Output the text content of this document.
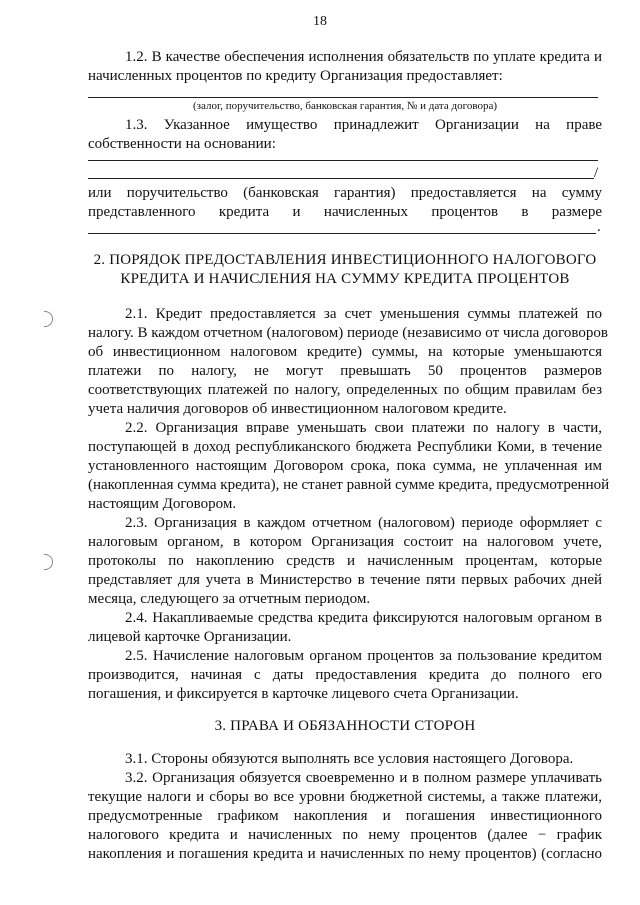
18
1.2. В качестве обеспечения исполнения обязательств по уплате кредита и
начисленных процентов по кредиту Организация предоставляет:
(залог, поручительство, банковская гарантия, № и дата договора)
1.3. Указанное имущество принадлежит Организации на праве
собственности на основании:
/
или поручительство (банковская гарантия) предоставляется на сумму
представленного кредита и начисленных процентов в размере
.
2. ПОРЯДОК ПРЕДОСТАВЛЕНИЯ ИНВЕСТИЦИОННОГО НАЛОГОВОГО
КРЕДИТА И НАЧИСЛЕНИЯ НА СУММУ КРЕДИТА ПРОЦЕНТОВ
2.1. Кредит предоставляется за счет уменьшения суммы платежей по
налогу. В каждом отчетном (налоговом) периоде (независимо от числа договоров
об инвестиционном налоговом кредите) суммы, на которые уменьшаются
платежи по налогу, не могут превышать 50 процентов размеров
соответствующих платежей по налогу, определенных по общим правилам без
учета наличия договоров об инвестиционном налоговом кредите.
2.2. Организация вправе уменьшать свои платежи по налогу в части,
поступающей в доход республиканского бюджета Республики Коми, в течение
установленного настоящим Договором срока, пока сумма, не уплаченная им
(накопленная сумма кредита), не станет равной сумме кредита, предусмотренной
настоящим Договором.
2.3. Организация в каждом отчетном (налоговом) периоде оформляет с
налоговым органом, в котором Организация состоит на налоговом учете,
протоколы по накоплению средств и начисленным процентам, которые
представляет для учета в Министерство в течение пяти первых рабочих дней
месяца, следующего за отчетным периодом.
2.4. Накапливаемые средства кредита фиксируются налоговым органом в
лицевой карточке Организации.
2.5. Начисление налоговым органом процентов за пользование кредитом
производится, начиная с даты предоставления кредита до полного его
погашения, и фиксируется в карточке лицевого счета Организации.
3. ПРАВА И ОБЯЗАННОСТИ СТОРОН
3.1. Стороны обязуются выполнять все условия настоящего Договора.
3.2. Организация обязуется своевременно и в полном размере уплачивать
текущие налоги и сборы во все уровни бюджетной системы, а также платежи,
предусмотренные графиком накопления и погашения инвестиционного
налогового кредита и начисленных по нему процентов (далее − график
накопления и погашения кредита и начисленных по нему процентов) (согласно
